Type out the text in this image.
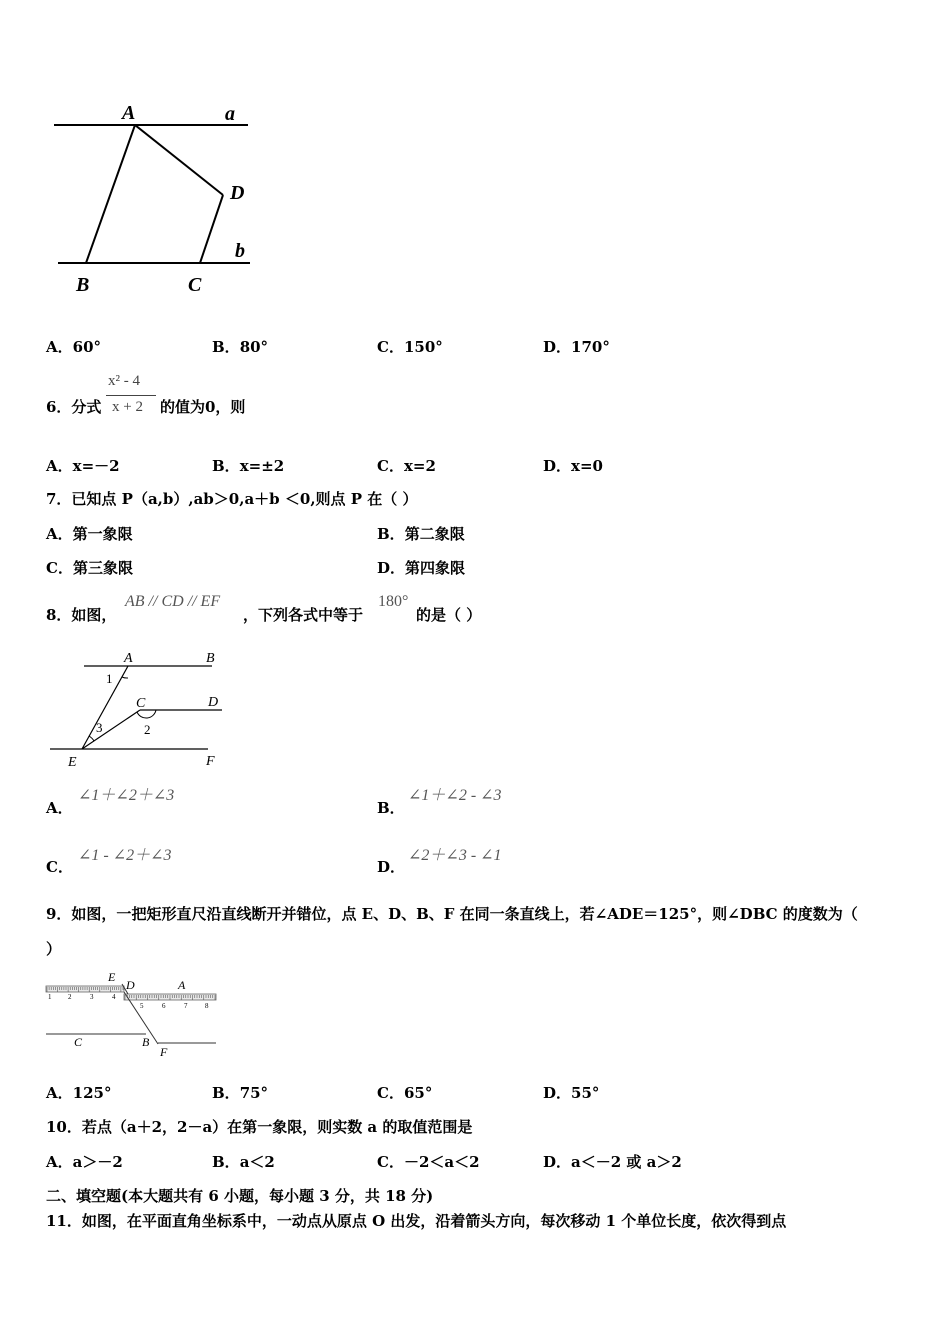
A	a
D
b
B	C
A．60°	B．80°	C．150°	D．170°
6．分式
x² - 4
x + 2 的值为0，则
A．x=－2	B．x=±2	C．x=2	D．x=0
7．已知点 P（a,b）,ab＞0,a＋b ＜0,则点 P 在（ ）
A．第一象限	B．第二象限
C．第三象限	D．第四象限
8．如图，
AB // CD // EF
，下列各式中等于
180°
的是（ ）
A	B
C	D
E	F
1
2
3
A．
∠1＋∠2＋∠3
B．
∠1＋∠2 - ∠3
C．
∠1 - ∠2＋∠3
D．
∠2＋∠3 - ∠1
9．如图，一把矩形直尺沿直线断开并错位，点 E、D、B、F 在同一条直线上，若∠ADE＝125°，则∠DBC 的度数为（
）
E
D	A
C	B
F
1 2	3	4
5	6	7	8
A．125°	B．75°	C．65°	D．55°
10．若点（a＋2，2－a）在第一象限，则实数 a 的取值范围是
A．a＞－2	B．a＜2	C．－2＜a＜2	D．a＜－2 或 a＞2
二、填空题(本大题共有 6 小题，每小题 3 分，共 18 分)
11．如图，在平面直角坐标系中，一动点从原点 O 出发，沿着箭头方向，每次移动 1 个单位长度，依次得到点
